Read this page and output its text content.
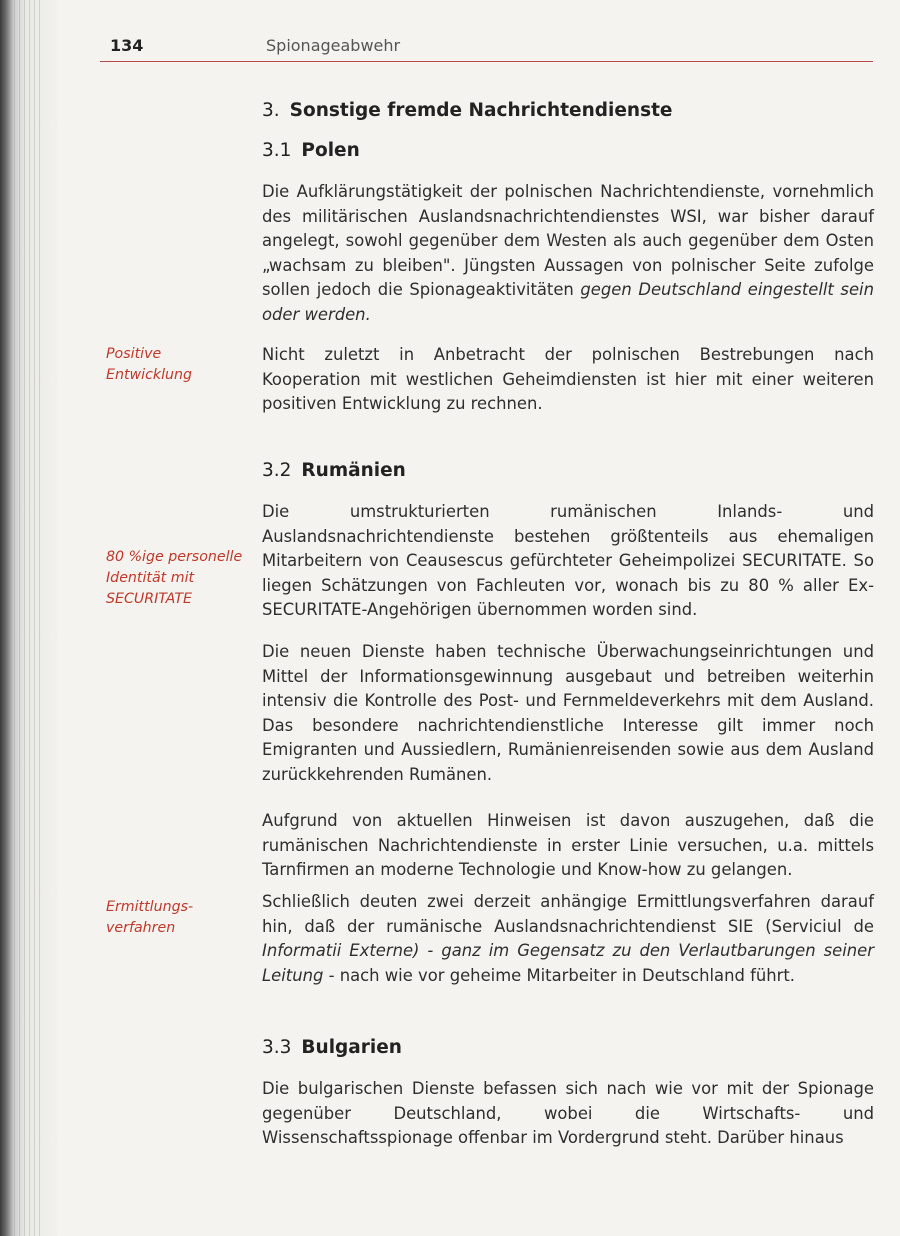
134	Spionageabwehr
3. Sonstige fremde Nachrichtendienste
3.1 Polen

Die Aufklärungstätigkeit der polnischen Nachrichtendienste, vornehmlich des militärischen Auslandsnachrichtendienstes WSI, war bisher darauf angelegt, sowohl gegenüber dem Westen als auch gegenüber dem Osten „wachsam zu bleiben". Jüngsten Aussagen von polnischer Seite zufolge sollen jedoch die Spionageaktivitäten gegen Deutschland eingestellt sein oder werden.

Positive
Entwicklung

Nicht zuletzt in Anbetracht der polnischen Bestrebungen nach Kooperation mit westlichen Geheimdiensten ist hier mit einer weiteren positiven Entwicklung zu rechnen.

3.2 Rumänien

80 %ige personelle
Identität mit
SECURITATE

Die umstrukturierten rumänischen Inlands- und Auslandsnachrichtendienste bestehen größtenteils aus ehemaligen Mitarbeitern von Ceausescus gefürchteter Geheimpolizei SECURITATE. So liegen Schätzungen von Fachleuten vor, wonach bis zu 80 % aller Ex-SECURITATE-Angehörigen übernommen worden sind.

Die neuen Dienste haben technische Überwachungseinrichtungen und Mittel der Informationsgewinnung ausgebaut und betreiben weiterhin intensiv die Kontrolle des Post- und Fernmeldeverkehrs mit dem Ausland. Das besondere nachrichtendienstliche Interesse gilt immer noch Emigranten und Aussiedlern, Rumänienreisenden sowie aus dem Ausland zurückkehrenden Rumänen.

Aufgrund von aktuellen Hinweisen ist davon auszugehen, daß die rumänischen Nachrichtendienste in erster Linie versuchen, u.a. mittels Tarnfirmen an moderne Technologie und Know-how zu gelangen.

Ermittlungs-
verfahren

Schließlich deuten zwei derzeit anhängige Ermittlungsverfahren darauf hin, daß der rumänische Auslandsnachrichtendienst SIE (Serviciul de Informatii Externe) - ganz im Gegensatz zu den Verlautbarungen seiner Leitung - nach wie vor geheime Mitarbeiter in Deutschland führt.

3.3 Bulgarien

Die bulgarischen Dienste befassen sich nach wie vor mit der Spionage gegenüber Deutschland, wobei die Wirtschafts- und Wissenschaftsspionage offenbar im Vordergrund steht. Darüber hinaus
